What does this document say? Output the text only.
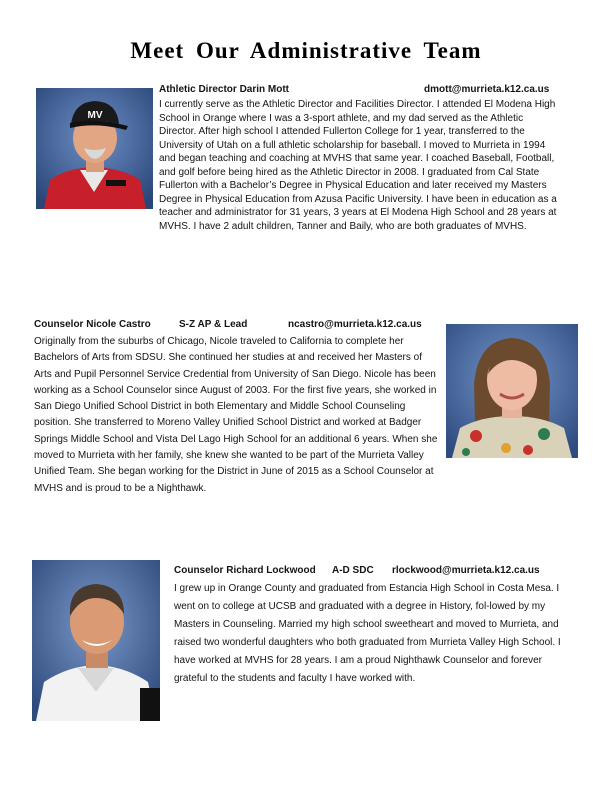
Meet Our Administrative Team
MV
Athletic Director Darin Mott	dmott@murrieta.k12.ca.us

I currently serve as the Athletic Director and Facilities Director. I attended El Modena High School in Orange where I was a 3-sport athlete, and my dad served as the Athletic Director. After high school I attended Fullerton College for 1 year, transferred to the University of Utah on a full athletic scholarship for baseball. I moved to Murrieta in 1994 and began teaching and coaching at MVHS that same year. I coached Baseball, Football, and golf before being hired as the Athletic Director in 2008. I graduated from Cal State Fullerton with a Bachelor’s Degree in Physical Education and later received my Masters Degree in Physical Education from Azusa Pacific University. I have been in education as a teacher and administrator for 31 years, 3 years at El Modena High School and 28 years at MVHS. I have 2 adult children, Tanner and Baily, who are both graduates of MVHS.

Counselor Nicole Castro	S-Z AP & Lead	ncastro@murrieta.k12.ca.us

Originally from the suburbs of Chicago, Nicole traveled to California to complete her Bachelors of Arts from SDSU. She continued her studies at and received her Masters of Arts and Pupil Personnel Service Credential from University of San Diego. Nicole has been working as a School Counselor since August of 2003. For the first five years, she worked in San Diego Unified School District in both Elementary and Middle School Counseling position. She transferred to Moreno Valley Unified School District and worked at Badger Springs Middle School and Vista Del Lago High School for an additional 6 years. When she moved to Murrieta with her family, she knew she wanted to be part of the Murrieta Valley Unified Team. She began working for the District in June of 2015 as a School Counselor at MVHS and is proud to be a Nighthawk.

Counselor Richard Lockwood A-D SDC rlockwood@murrieta.k12.ca.us

I grew up in Orange County and graduated from Estancia High School in Costa Mesa. I went on to college at UCSB and graduated with a degree in History, fol-lowed by my Masters in Counseling. Married my high school sweetheart and moved to Murrieta, and raised two wonderful daughters who both graduated from Murrieta Valley High School. I have worked at MVHS for 28 years. I am a proud Nighthawk Counselor and forever grateful to the students and faculty I have worked with.
